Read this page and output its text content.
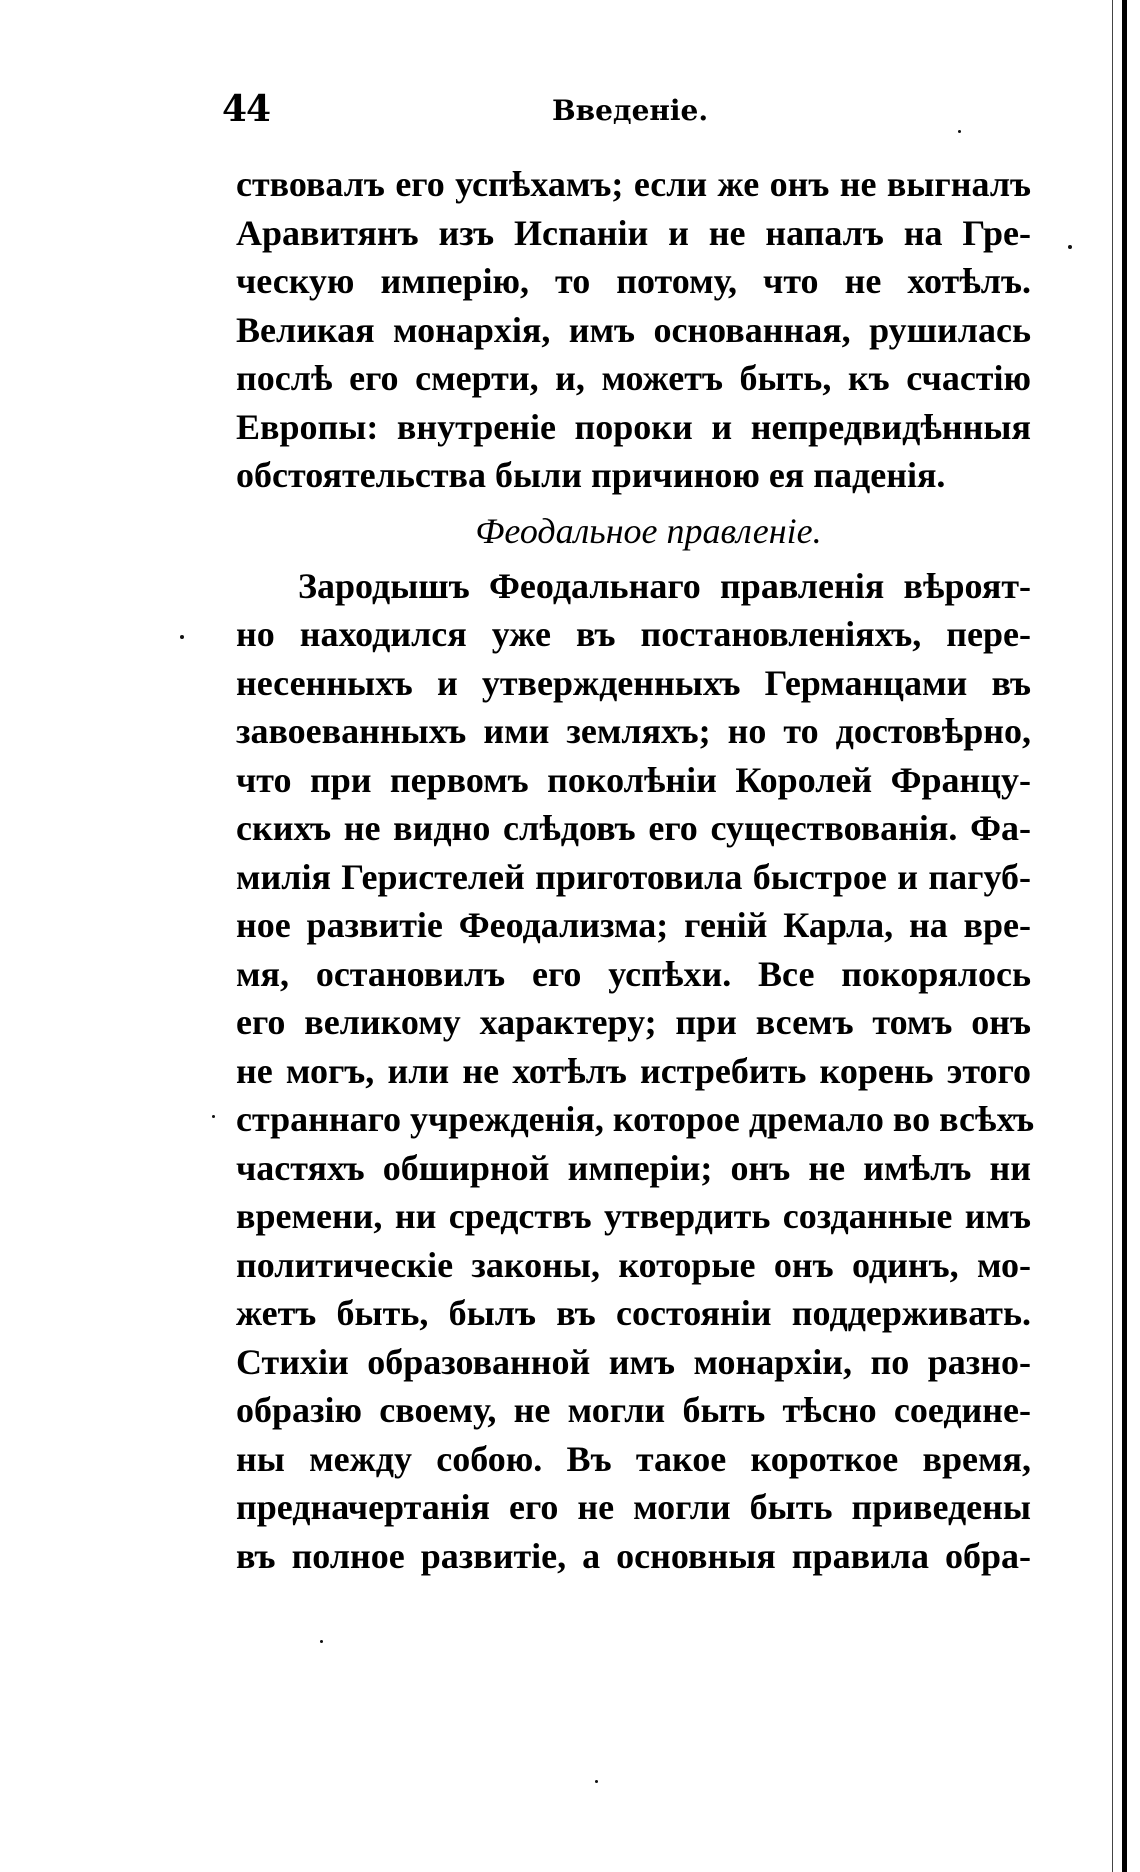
44	Введеніе.
ствовалъ его успѣхамъ; если же онъ не выгналъ
Аравитянъ изъ Испаніи и не напалъ на Гре-
ческую имперію, то потому, что не хотѣлъ.
Великая монархія, имъ основанная, рушилась
послѣ его смерти, и, можетъ быть, къ счастію
Европы: внутреніе пороки и непредвидѣнныя
обстоятельства были причиною ея паденія.
Феодальное правленіе.
Зародышъ Феодальнаго правленія вѣроят-
но находился уже въ постановленіяхъ, пере-
несенныхъ и утвержденныхъ Германцами въ
завоеванныхъ ими земляхъ; но то достовѣрно,
что при первомъ поколѣніи Королей Францу-
скихъ не видно слѣдовъ его существованія. Фа-
милія Геристелей приготовила быстрое и пагуб-
ное развитіе Феодализма; геній Карла, на вре-
мя, остановилъ его успѣхи. Все покорялось
его великому характеру; при всемъ томъ онъ
не могъ, или не хотѣлъ истребить корень этого
страннаго учрежденія, которое дремало во всѣхъ
частяхъ обширной имперіи; онъ не имѣлъ ни
времени, ни средствъ утвердить созданные имъ
политическіе законы, которые онъ одинъ, мо-
жетъ быть, былъ въ состояніи поддерживать.
Стихіи образованной имъ монархіи, по разно-
образію своему, не могли быть тѣсно соедине-
ны между собою. Въ такое короткое время,
предначертанія его не могли быть приведены
въ полное развитіе, а основныя правила обра-
